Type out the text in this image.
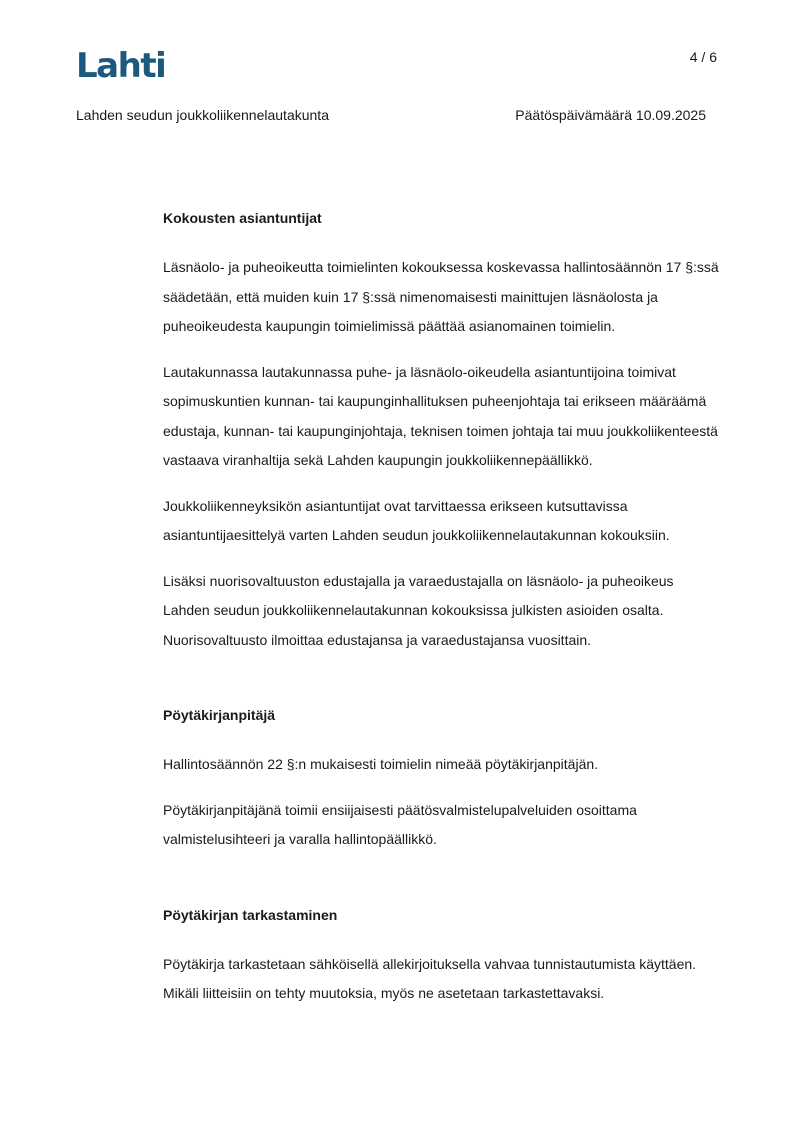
Lahti	4 / 6
Lahden seudun joukkoliikennelautakunta	Päätöspäivämäärä 10.09.2025
Kokousten asiantuntijat

Läsnäolo- ja puheoikeutta toimielinten kokouksessa koskevassa hallintosäännön 17 §:ssä säädetään, että muiden kuin 17 §:ssä nimenomaisesti mainittujen läsnäolosta ja puheoikeudesta kaupungin toimielimissä päättää asianomainen toimielin.

Lautakunnassa lautakunnassa puhe- ja läsnäolo-oikeudella asiantuntijoina toimivat sopimuskuntien kunnan- tai kaupunginhallituksen puheenjohtaja tai erikseen määräämä edustaja, kunnan- tai kaupunginjohtaja, teknisen toimen johtaja tai muu joukkoliikenteestä vastaava viranhaltija sekä Lahden kaupungin joukkoliikennepäällikkö.

Joukkoliikenneyksikön asiantuntijat ovat tarvittaessa erikseen kutsuttavissa asiantuntijaesittelyä varten Lahden seudun joukkoliikennelautakunnan kokouksiin.

Lisäksi nuorisovaltuuston edustajalla ja varaedustajalla on läsnäolo- ja puheoikeus Lahden seudun joukkoliikennelautakunnan kokouksissa julkisten asioiden osalta. Nuorisovaltuusto ilmoittaa edustajansa ja varaedustajansa vuosittain.

Pöytäkirjanpitäjä

Hallintosäännön 22 §:n mukaisesti toimielin nimeää pöytäkirjanpitäjän.

Pöytäkirjanpitäjänä toimii ensiijaisesti päätösvalmistelupalveluiden osoittama valmistelusihteeri ja varalla hallintopäällikkö.

Pöytäkirjan tarkastaminen

Pöytäkirja tarkastetaan sähköisellä allekirjoituksella vahvaa tunnistautumista käyttäen. Mikäli liitteisiin on tehty muutoksia, myös ne asetetaan tarkastettavaksi.
